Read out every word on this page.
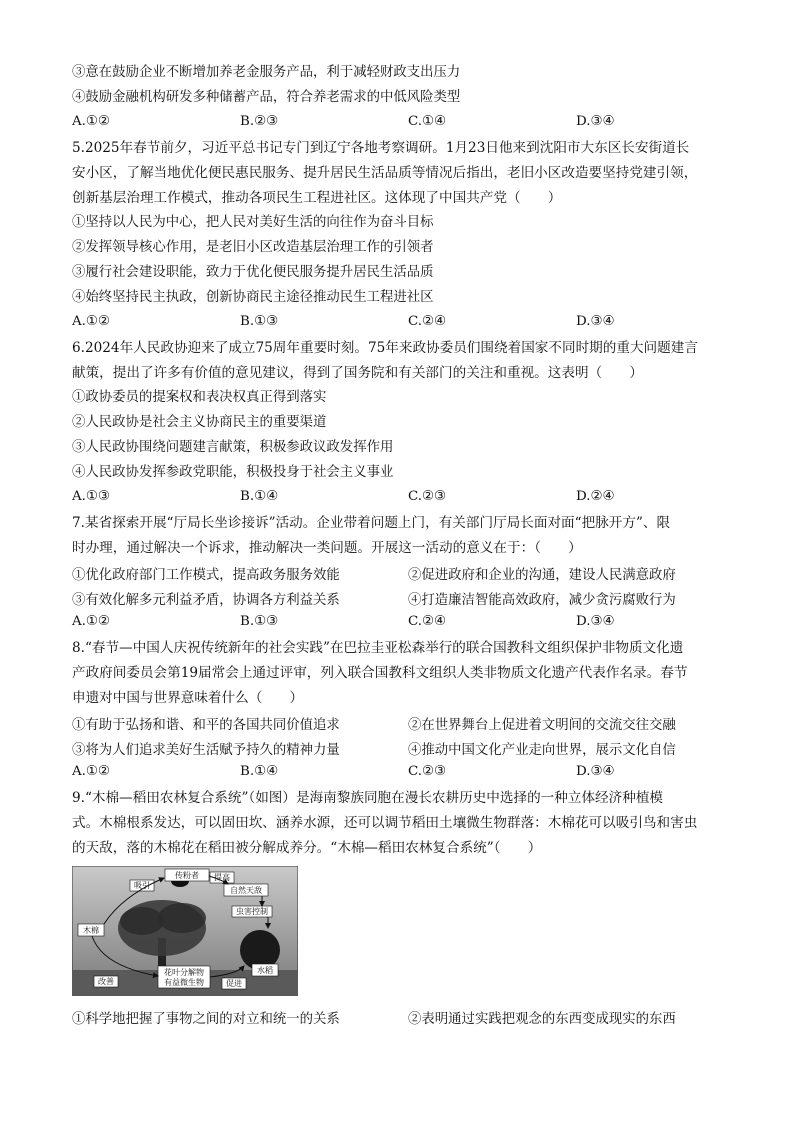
③意在鼓励企业不断增加养老金服务产品，利于减轻财政支出压力
④鼓励金融机构研发多种储蓄产品，符合养老需求的中低风险类型
A.①②	B.②③	C.①④	D.③④
5.2025年春节前夕，习近平总书记专门到辽宁各地考察调研。1月23日他来到沈阳市大东区长安街道长
安小区，了解当地优化便民惠民服务、提升居民生活品质等情况后指出，老旧小区改造要坚持党建引领，
创新基层治理工作模式，推动各项民生工程进社区。这体现了中国共产党（　　）
①坚持以人民为中心，把人民对美好生活的向往作为奋斗目标
②发挥领导核心作用，是老旧小区改造基层治理工作的引领者
③履行社会建设职能，致力于优化便民服务提升居民生活品质
④始终坚持民主执政，创新协商民主途径推动民生工程进社区
A.①②	B.①③	C.②④	D.③④
6.2024年人民政协迎来了成立75周年重要时刻。75年来政协委员们围绕着国家不同时期的重大问题建言
献策，提出了许多有价值的意见建议，得到了国务院和有关部门的关注和重视。这表明（　　）
①政协委员的提案权和表决权真正得到落实
②人民政协是社会主义协商民主的重要渠道
③人民政协围绕问题建言献策，积极参政议政发挥作用
④人民政协发挥参政党职能，积极投身于社会主义事业
A.①③	B.①④	C.②③	D.②④
7.某省探索开展“厅局长坐诊接诉”活动。企业带着问题上门，有关部门厅局长面对面“把脉开方”、限
时办理，通过解决一个诉求，推动解决一类问题。开展这一活动的意义在于：（　　）
①优化政府部门工作模式，提高政务服务效能	②促进政府和企业的沟通，建设人民满意政府
③有效化解多元利益矛盾，协调各方利益关系	④打造廉洁智能高效政府，减少贪污腐败行为
A.①②	B.①③	C.②④	D.③④
8.“春节—中国人庆祝传统新年的社会实践”在巴拉圭亚松森举行的联合国教科文组织保护非物质文化遗
产政府间委员会第19届常会上通过评审，列入联合国教科文组织人类非物质文化遗产代表作名录。春节
申遗对中国与世界意味着什么（　　）
①有助于弘扬和谐、和平的各国共同价值追求	②在世界舞台上促进着文明间的交流交往交融
③将为人们追求美好生活赋予持久的精神力量	④推动中国文化产业走向世界，展示文化自信
A.①②	B.①④	C.②③	D.③④
9.“木棉—稻田农林复合系统”（如图）是海南黎族同胞在漫长农耕历史中选择的一种立体经济种植模
式。木棉根系发达，可以固田坎、涵养水源，还可以调节稻田土壤微生物群落：木棉花可以吸引鸟和害虫
的天敌，落的木棉花在稻田被分解成养分。“木棉—稻田农林复合系统”（　　）
传粉者
自然天敌
虫害控制
吸引
提高
木棉
水稻
花叶分解物
有益微生物
改善	促进
①科学地把握了事物之间的对立和统一的关系	②表明通过实践把观念的东西变成现实的东西
